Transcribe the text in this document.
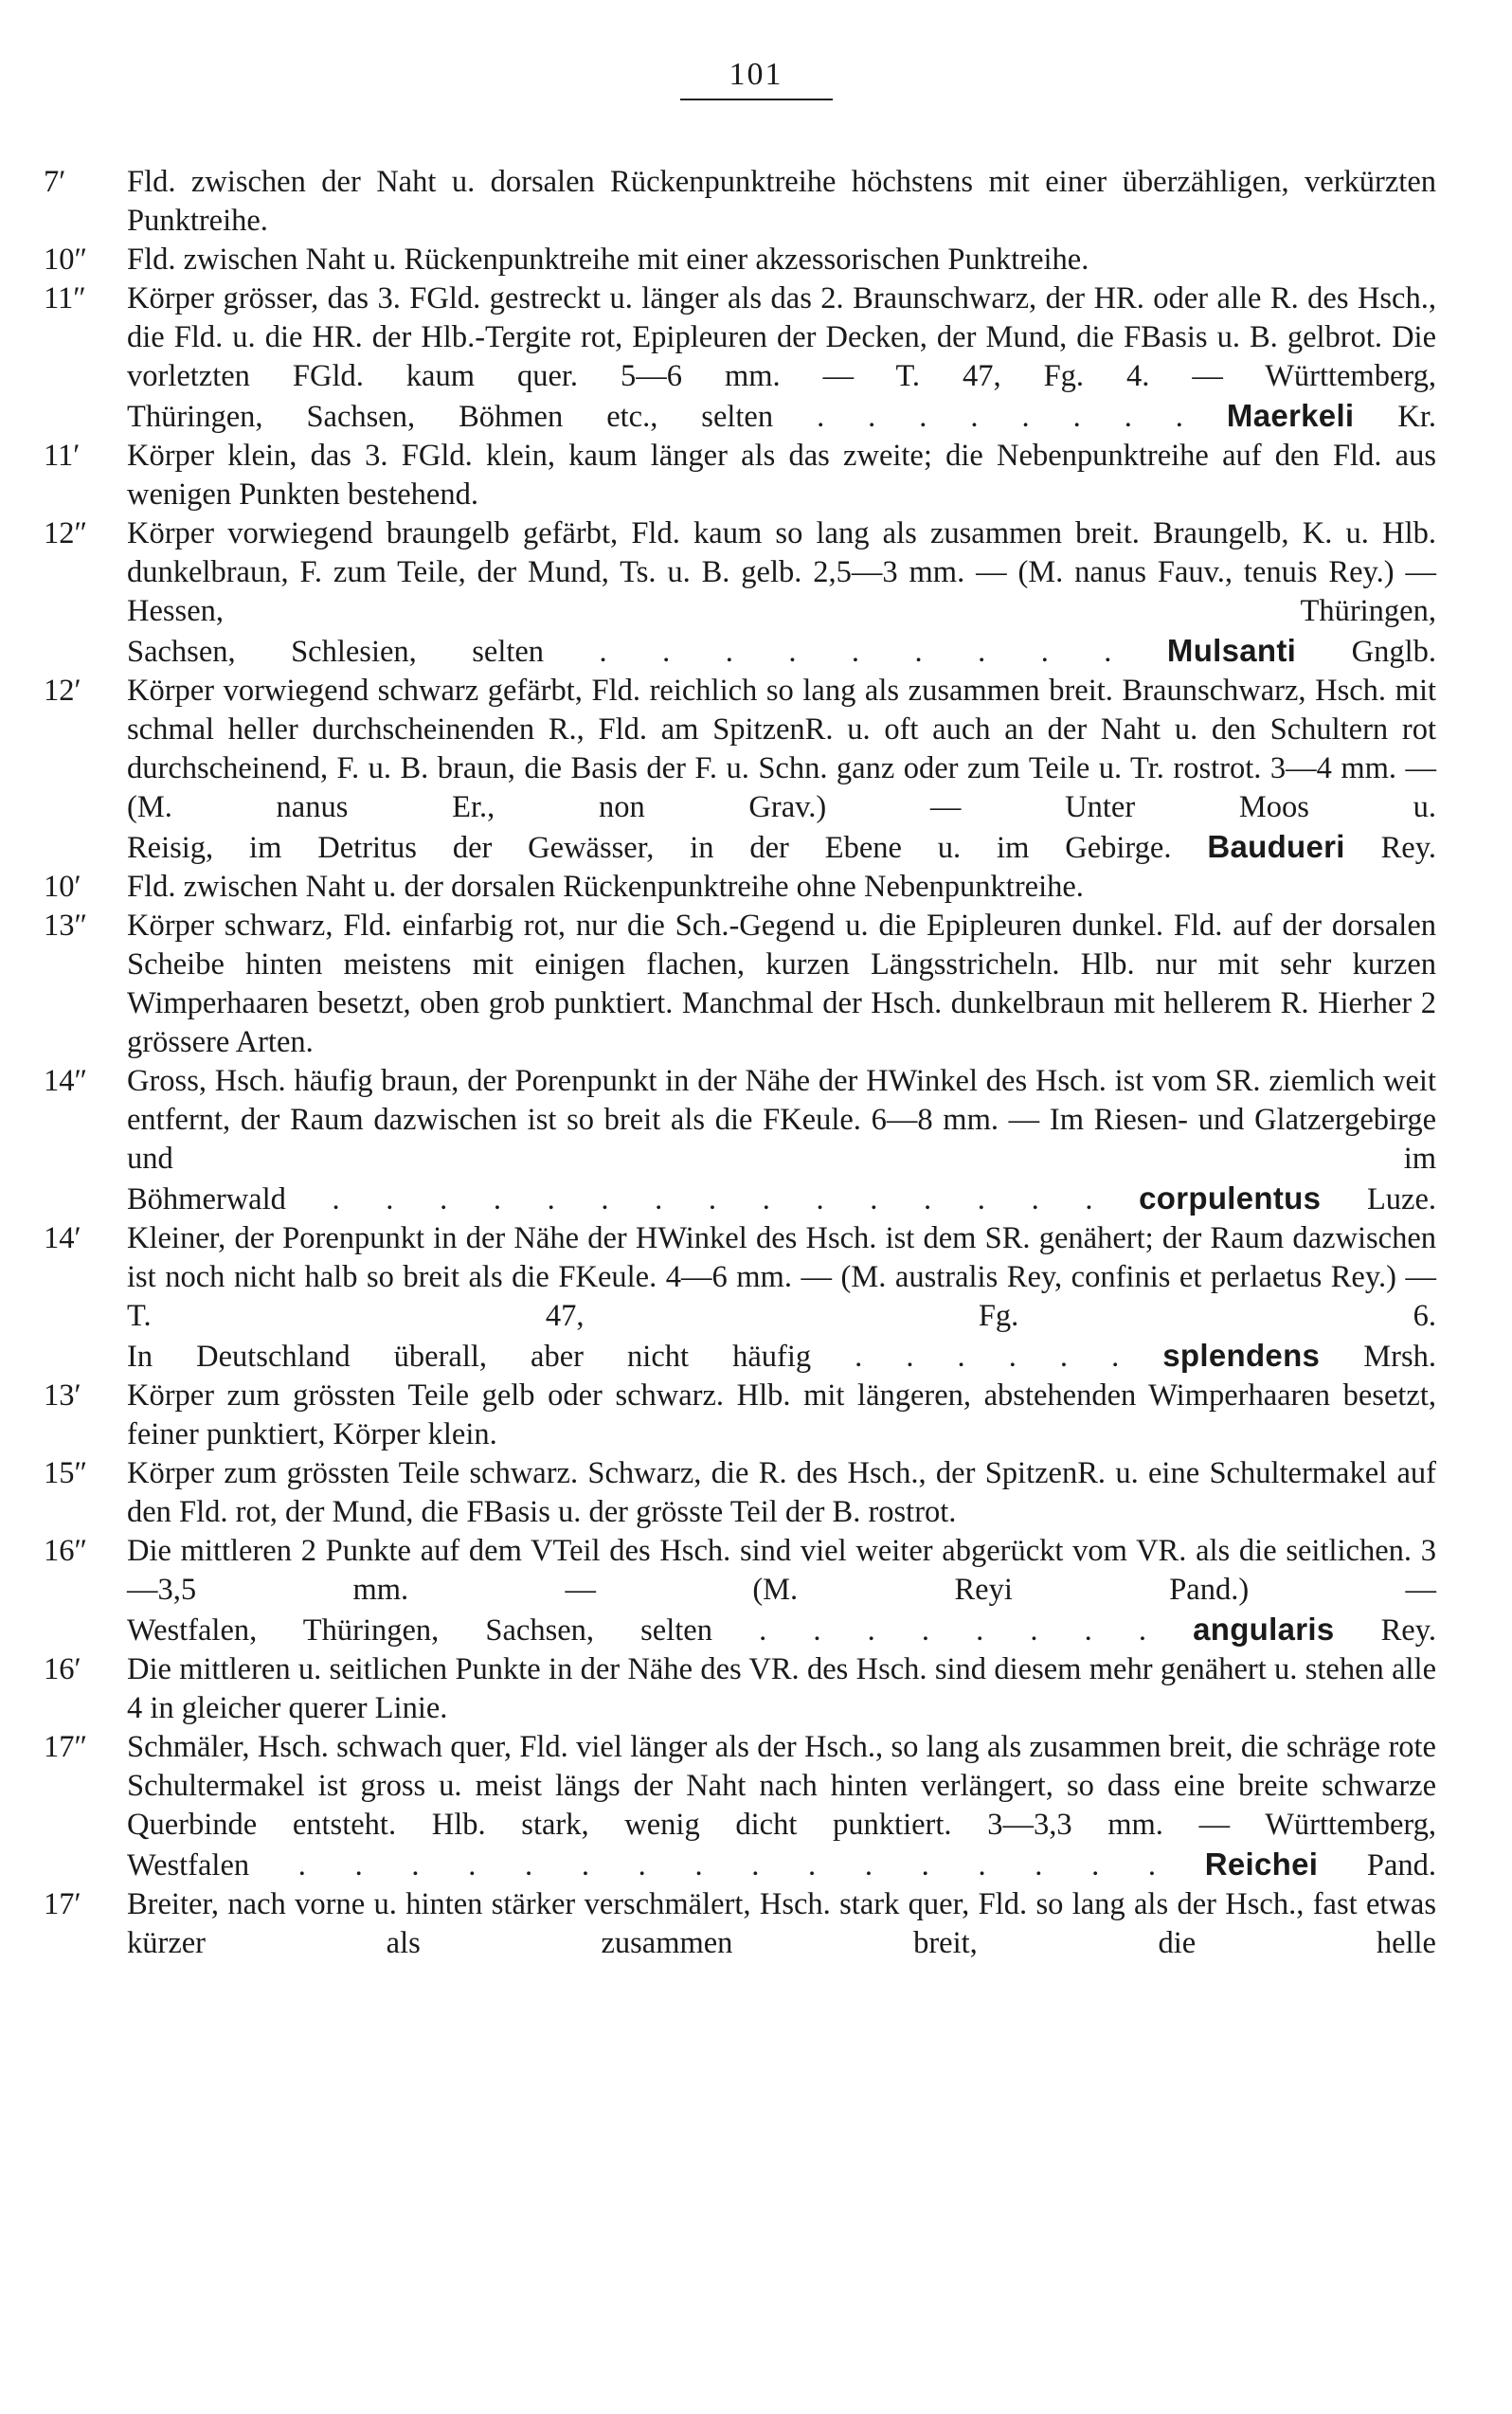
101
7′	Fld. zwischen der Naht u. dorsalen Rückenpunktreihe höchstens mit einer überzähligen, verkürzten Punktreihe.
10″	Fld. zwischen Naht u. Rückenpunktreihe mit einer akzessorischen Punktreihe.
11″	Körper grösser, das 3. FGld. gestreckt u. länger als das 2. Braunschwarz, der HR. oder alle R. des Hsch., die Fld. u. die HR. der Hlb.-Tergite rot, Epipleuren der Decken, der Mund, die FBasis u. B. gelbrot. Die vorletzten FGld. kaum quer. 5—6 mm. — T. 47, Fg. 4. — Württemberg,
Thüringen, Sachsen, Böhmen etc., selten . . . . . . . . Maerkeli Kr.
11′	Körper klein, das 3. FGld. klein, kaum länger als das zweite; die Nebenpunktreihe auf den Fld. aus wenigen Punkten bestehend.
12″	Körper vorwiegend braungelb gefärbt, Fld. kaum so lang als zusammen breit. Braungelb, K. u. Hlb. dunkelbraun, F. zum Teile, der Mund, Ts. u. B. gelb. 2,5—3 mm. — (M. nanus Fauv., tenuis Rey.) — Hessen, Thüringen,
Sachsen, Schlesien, selten . . . . . . . . . Mulsanti Gnglb.
12′	Körper vorwiegend schwarz gefärbt, Fld. reichlich so lang als zusammen breit. Braunschwarz, Hsch. mit schmal heller durchscheinenden R., Fld. am SpitzenR. u. oft auch an der Naht u. den Schultern rot durchscheinend, F. u. B. braun, die Basis der F. u. Schn. ganz oder zum Teile u. Tr. rostrot. 3—4 mm. — (M. nanus Er., non Grav.) — Unter Moos u.
Reisig, im Detritus der Gewässer, in der Ebene u. im Gebirge. Bauduerі Rey.
10′	Fld. zwischen Naht u. der dorsalen Rückenpunktreihe ohne Nebenpunktreihe.
13″	Körper schwarz, Fld. einfarbig rot, nur die Sch.-Gegend u. die Epipleuren dunkel. Fld. auf der dorsalen Scheibe hinten meistens mit einigen flachen, kurzen Längsstricheln. Hlb. nur mit sehr kurzen Wimperhaaren besetzt, oben grob punktiert. Manchmal der Hsch. dunkelbraun mit hellerem R. Hierher 2 grössere Arten.
14″	Gross, Hsch. häufig braun, der Porenpunkt in der Nähe der HWinkel des Hsch. ist vom SR. ziemlich weit entfernt, der Raum dazwischen ist so breit als die FKeule. 6—8 mm. — Im Riesen- und Glatzergebirge und im
Böhmerwald . . . . . . . . . . . . . . . corpulentus Luze.
14′	Kleiner, der Porenpunkt in der Nähe der HWinkel des Hsch. ist dem SR. genähert; der Raum dazwischen ist noch nicht halb so breit als die FKeule. 4—6 mm. — (M. australis Rey, confinis et perlaetus Rey.) — T. 47, Fg. 6.
In Deutschland überall, aber nicht häufig . . . . . . splendens Mrsh.
13′	Körper zum grössten Teile gelb oder schwarz. Hlb. mit längeren, abstehenden Wimperhaaren besetzt, feiner punktiert, Körper klein.
15″	Körper zum grössten Teile schwarz. Schwarz, die R. des Hsch., der SpitzenR. u. eine Schultermakel auf den Fld. rot, der Mund, die FBasis u. der grösste Teil der B. rostrot.
16″	Die mittleren 2 Punkte auf dem VTeil des Hsch. sind viel weiter abgerückt vom VR. als die seitlichen. 3—3,5 mm. — (M. Reyi Pand.) —
Westfalen, Thüringen, Sachsen, selten . . . . . . . . angularis Rey.
16′	Die mittleren u. seitlichen Punkte in der Nähe des VR. des Hsch. sind diesem mehr genähert u. stehen alle 4 in gleicher querer Linie.
17″	Schmäler, Hsch. schwach quer, Fld. viel länger als der Hsch., so lang als zusammen breit, die schräge rote Schultermakel ist gross u. meist längs der Naht nach hinten verlängert, so dass eine breite schwarze Querbinde entsteht. Hlb. stark, wenig dicht punktiert. 3—3,3 mm. — Württemberg,
Westfalen . . . . . . . . . . . . . . . . Reichei Pand.
17′	Breiter, nach vorne u. hinten stärker verschmälert, Hsch. stark quer, Fld. so lang als der Hsch., fast etwas kürzer als zusammen breit, die helle
